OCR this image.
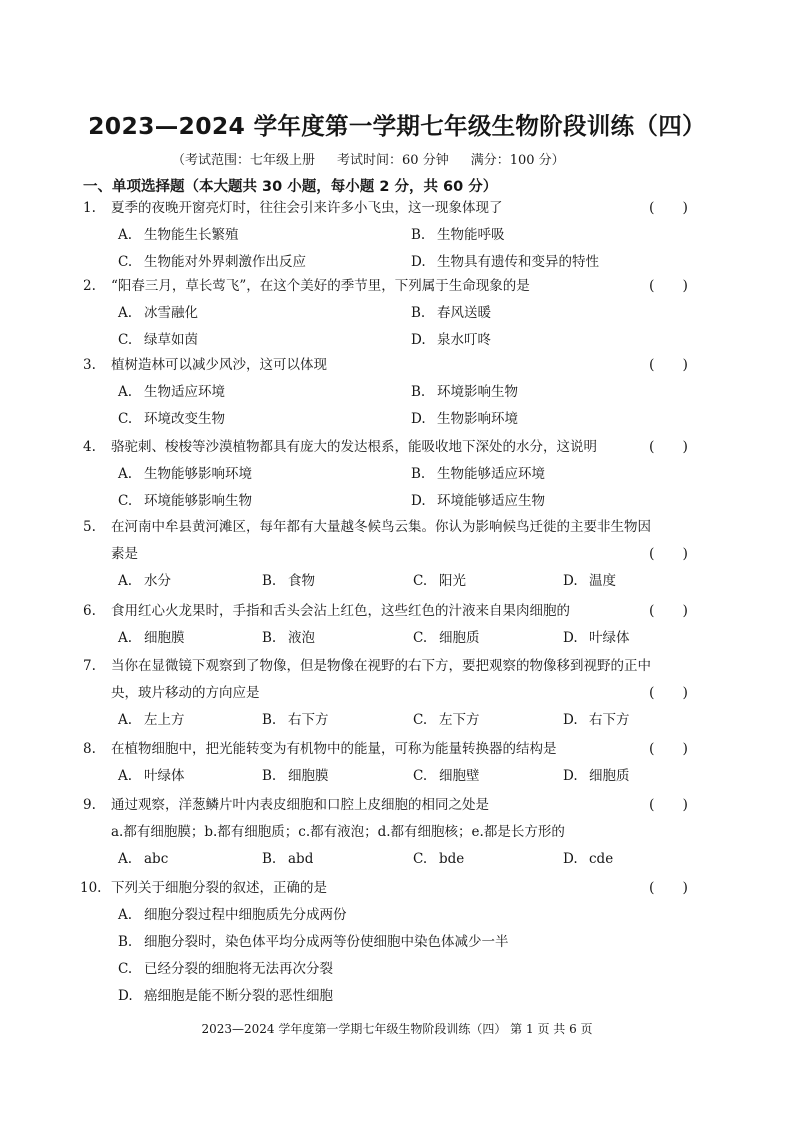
2023—2024 学年度第一学期七年级生物阶段训练（四）
（考试范围：七年级上册 考试时间：60 分钟 满分：100 分）
一、单项选择题（本大题共 30 小题，每小题 2 分，共 60 分）
1. 夏季的夜晚开窗亮灯时，往往会引来许多小飞虫，这一现象体现了	(　　)
A. 生物能生长繁殖	B. 生物能呼吸
C. 生物能对外界刺激作出反应	D. 生物具有遗传和变异的特性
2. “阳春三月，草长莺飞”，在这个美好的季节里，下列属于生命现象的是	(　　)
A. 冰雪融化	B. 春风送暖
C. 绿草如茵	D. 泉水叮咚
3. 植树造林可以减少风沙，这可以体现	(　　)
A. 生物适应环境	B. 环境影响生物
C. 环境改变生物	D. 生物影响环境
4. 骆驼刺、梭梭等沙漠植物都具有庞大的发达根系，能吸收地下深处的水分，这说明	(　　)
A. 生物能够影响环境	B. 生物能够适应环境
C. 环境能够影响生物	D. 环境能够适应生物
5. 在河南中牟县黄河滩区，每年都有大量越冬候鸟云集。你认为影响候鸟迁徙的主要非生物因
素是	(　　)
A. 水分	B. 食物	C. 阳光	D. 温度
6. 食用红心火龙果时，手指和舌头会沾上红色，这些红色的汁液来自果肉细胞的	(　　)
A. 细胞膜	B. 液泡	C. 细胞质	D. 叶绿体
7. 当你在显微镜下观察到了物像，但是物像在视野的右下方，要把观察的物像移到视野的正中
央，玻片移动的方向应是	(　　)
A. 左上方	B. 右下方	C. 左下方	D. 右下方
8. 在植物细胞中，把光能转变为有机物中的能量，可称为能量转换器的结构是	(　　)
A. 叶绿体	B. 细胞膜	C. 细胞壁	D. 细胞质
9. 通过观察，洋葱鳞片叶内表皮细胞和口腔上皮细胞的相同之处是
a.都有细胞膜；b.都有细胞质；c.都有液泡；d.都有细胞核；e.都是长方形的
(　　)
A. abc	B. abd	C. bde	D. cde
10. 下列关于细胞分裂的叙述，正确的是	(　　)
A. 细胞分裂过程中细胞质先分成两份
B. 细胞分裂时，染色体平均分成两等份使细胞中染色体减少一半
C. 已经分裂的细胞将无法再次分裂
D. 癌细胞是能不断分裂的恶性细胞
2023—2024 学年度第一学期七年级生物阶段训练（四） 第 1 页 共 6 页
